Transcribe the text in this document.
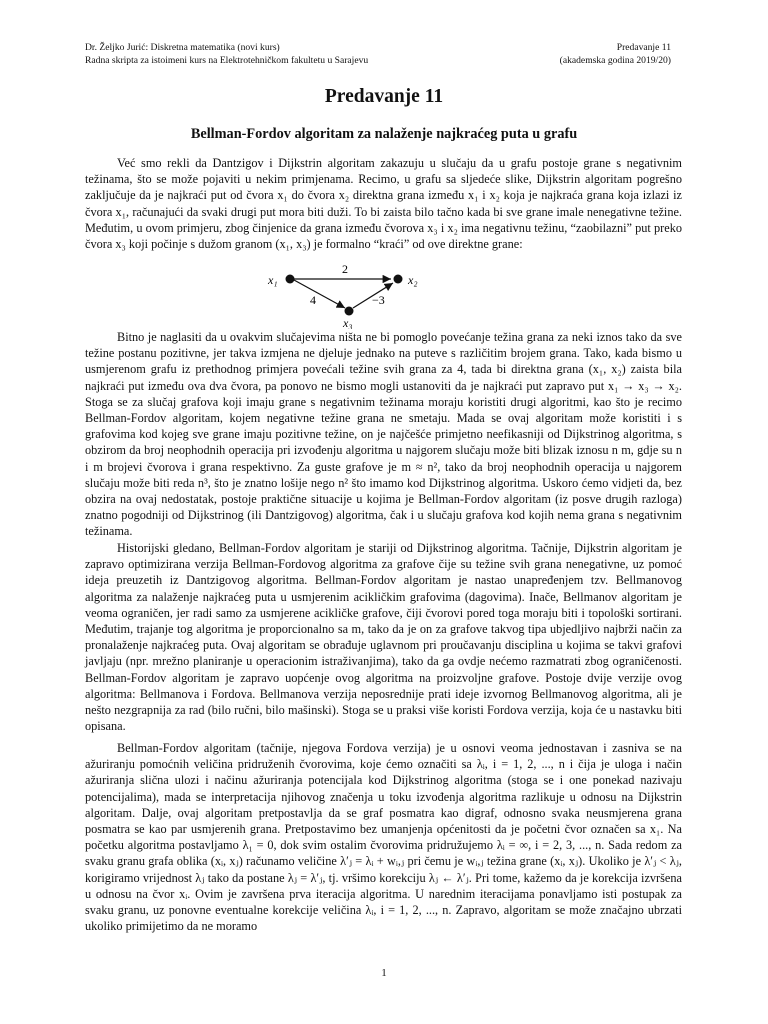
Dr. Željko Jurić: Diskretna matematika (novi kurs)
Radna skripta za istoimeni kurs na Elektrotehničkom fakultetu u Sarajevu
Predavanje 11
(akademska godina 2019/20)
Predavanje 11
Bellman-Fordov algoritam za nalaženje najkraćeg puta u grafu

Već smo rekli da Dantzigov i Dijkstrin algoritam zakazuju u slučaju da u grafu postoje grane s negativnim težinama, što se može pojaviti u nekim primjenama. Recimo, u grafu sa sljedeće slike, Dijkstrin algoritam pogrešno zaključuje da je najkraći put od čvora x₁ do čvora x₂ direktna grana između x₁ i x₂ koja je najkraća grana koja izlazi iz čvora x₁, računajući da svaki drugi put mora biti duži. To bi zaista bilo tačno kada bi sve grane imale nenegativne težine. Međutim, u ovom primjeru, zbog činjenice da grana između čvorova x₃ i x₂ ima negativnu težinu, “zaobilazni” put preko čvora x₃ koji počinje s dužom granom (x₁, x₃) je formalno “kraći” od ove direktne grane:

x₁	x₂
x₃
2
4	−3

Bitno je naglasiti da u ovakvim slučajevima ništa ne bi pomoglo povećanje težina grana za neki iznos tako da sve težine postanu pozitivne, jer takva izmjena ne djeluje jednako na puteve s različitim brojem grana. Tako, kada bismo u usmjerenom grafu iz prethodnog primjera povećali težine svih grana za 4, tada bi direktna grana (x₁, x₂) zaista bila najkraći put između ova dva čvora, pa ponovo ne bismo mogli ustanoviti da je najkraći put zapravo put x₁ → x₃ → x₂. Stoga se za slučaj grafova koji imaju grane s negativnim težinama moraju koristiti drugi algoritmi, kao što je recimo Bellman-Fordov algoritam, kojem negativne težine grana ne smetaju. Mada se ovaj algoritam može koristiti i s grafovima kod kojeg sve grane imaju pozitivne težine, on je najčešće primjetno neefikasniji od Dijkstrinog algoritma, s obzirom da broj neophodnih operacija pri izvođenju algoritma u najgorem slučaju može biti blizak iznosu n m, gdje su n i m brojevi čvorova i grana respektivno. Za guste grafove je m ≈ n², tako da broj neophodnih operacija u najgorem slučaju može biti reda n³, što je znatno lošije nego n² što imamo kod Dijkstrinog algoritma. Uskoro ćemo vidjeti da, bez obzira na ovaj nedostatak, postoje praktične situacije u kojima je Bellman-Fordov algoritam (iz posve drugih razloga) znatno pogodniji od Dijkstrinog (ili Dantzigovog) algoritma, čak i u slučaju grafova kod kojih nema grana s negativnim težinama.

Historijski gledano, Bellman-Fordov algoritam je stariji od Dijkstrinog algoritma. Tačnije, Dijkstrin algoritam je zapravo optimizirana verzija Bellman-Fordovog algoritma za grafove čije su težine svih grana nenegativne, uz pomoć ideja preuzetih iz Dantzigovog algoritma. Bellman-Fordov algoritam je nastao unapređenjem tzv. Bellmanovog algoritma za nalaženje najkraćeg puta u usmjerenim acikličkim grafovima (dagovima). Inače, Bellmanov algoritam je veoma ograničen, jer radi samo za usmjerene acikličke grafove, čiji čvorovi pored toga moraju biti i topološki sortirani. Međutim, trajanje tog algoritma je proporcionalno sa m, tako da je on za grafove takvog tipa ubjedljivo najbrži način za pronalaženje najkraćeg puta. Ovaj algoritam se obrađuje uglavnom pri proučavanju disciplina u kojima se takvi grafovi javljaju (npr. mrežno planiranje u operacionim istraživanjima), tako da ga ovdje nećemo razmatrati zbog ograničenosti. Bellman-Fordov algoritam je zapravo uopćenje ovog algoritma na proizvoljne grafove. Postoje dvije verzije ovog algoritma: Bellmanova i Fordova. Bellmanova verzija neposrednije prati ideje izvornog Bellmanovog algoritma, ali je nešto nezgrapnija za rad (bilo ručni, bilo mašinski). Stoga se u praksi više koristi Fordova verzija, koja će u nastavku biti opisana.

Bellman-Fordov algoritam (tačnije, njegova Fordova verzija) je u osnovi veoma jednostavan i zasniva se na ažuriranju pomoćnih veličina pridruženih čvorovima, koje ćemo označiti sa λᵢ, i = 1, 2, ..., n i čija je uloga i način ažuriranja slična ulozi i načinu ažuriranja potencijala kod Dijkstrinog algoritma (stoga se i one ponekad nazivaju potencijalima), mada se interpretacija njihovog značenja u toku izvođenja algoritma razlikuje u odnosu na Dijkstrin algoritam. Dalje, ovaj algoritam pretpostavlja da se graf posmatra kao digraf, odnosno svaka neusmjerena grana posmatra se kao par usmjerenih grana. Pretpostavimo bez umanjenja općenitosti da je početni čvor označen sa x₁. Na početku algoritma postavljamo λ₁ = 0, dok svim ostalim čvorovima pridružujemo λᵢ = ∞, i = 2, 3, ..., n. Sada redom za svaku granu grafa oblika (xᵢ, xⱼ) računamo veličine λ′ⱼ = λᵢ + wᵢ,ⱼ pri čemu je wᵢ,ⱼ težina grane (xᵢ, xⱼ). Ukoliko je λ′ⱼ < λⱼ, korigiramo vrijednost λⱼ tako da postane λⱼ = λ′ⱼ, tj. vršimo korekciju λⱼ ← λ′ⱼ. Pri tome, kažemo da je korekcija izvršena u odnosu na čvor xᵢ. Ovim je završena prva iteracija algoritma. U narednim iteracijama ponavljamo isti postupak za svaku granu, uz ponovne eventualne korekcije veličina λᵢ, i = 1, 2, ..., n. Zapravo, algoritam se može značajno ubrzati ukoliko primijetimo da ne moramo

1
